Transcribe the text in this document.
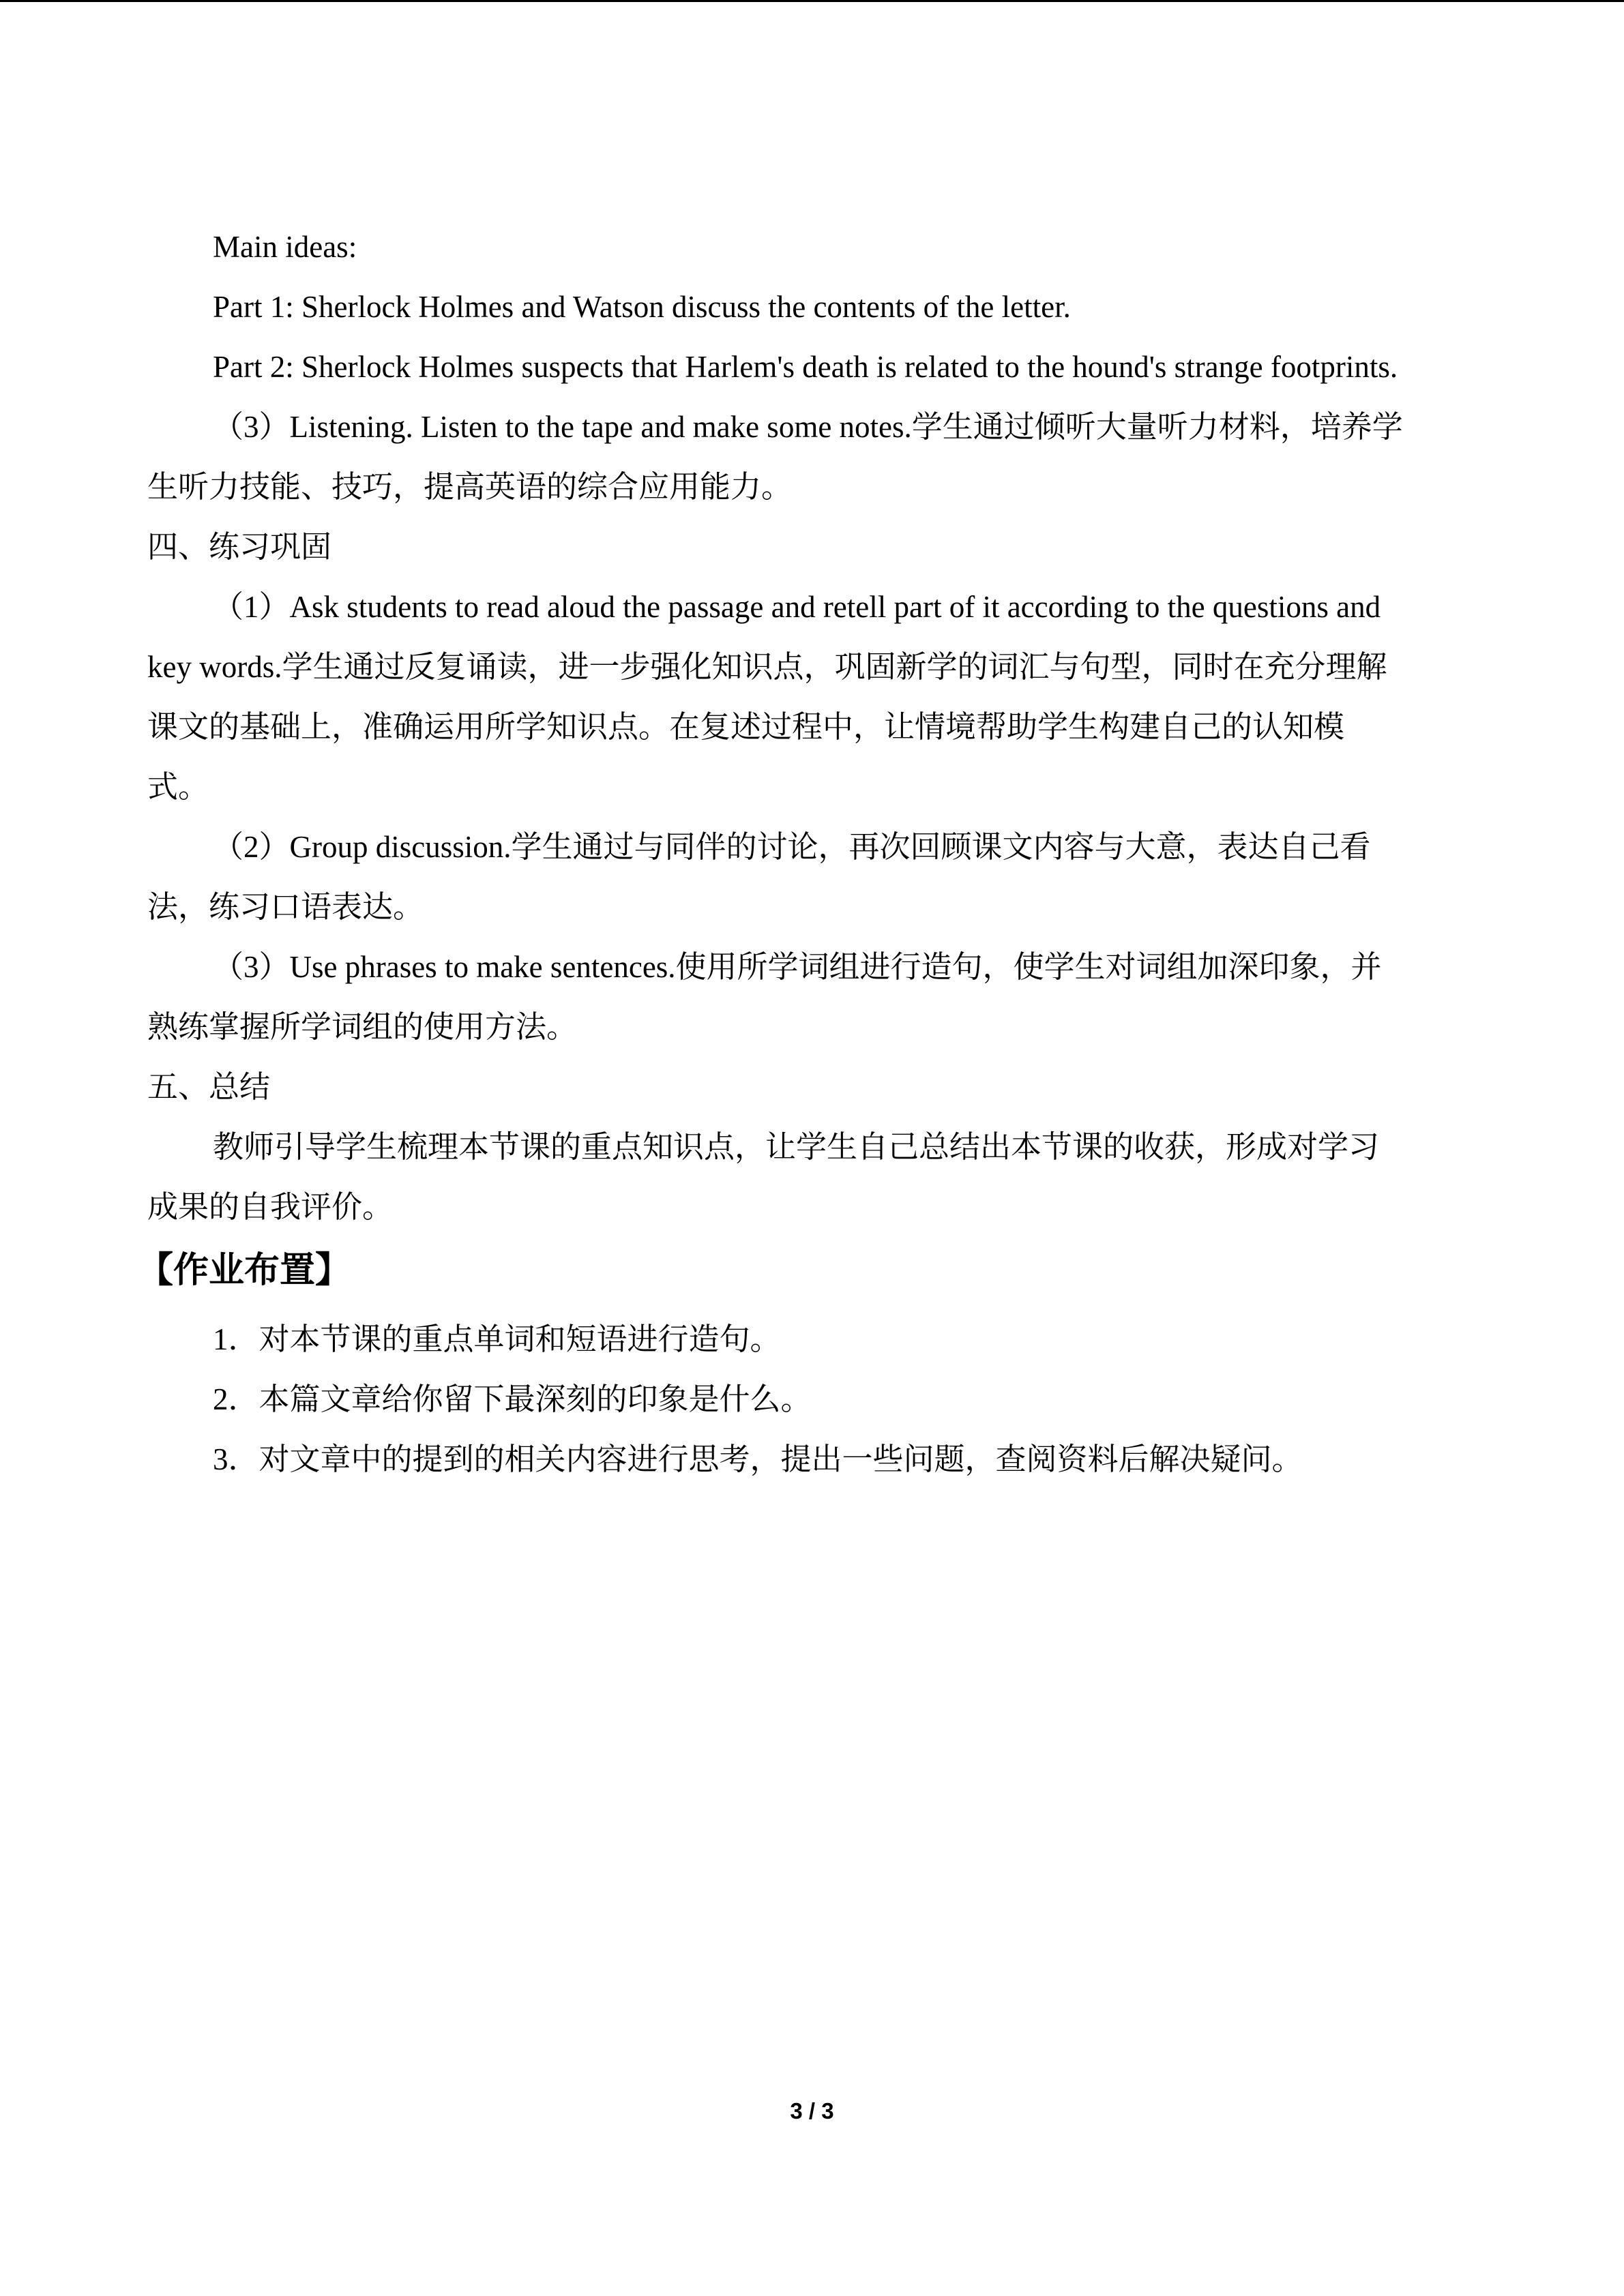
Main ideas:
Part 1: Sherlock Holmes and Watson discuss the contents of the letter.
Part 2: Sherlock Holmes suspects that Harlem's death is related to the hound's strange footprints.
（3）Listening. Listen to the tape and make some notes.学生通过倾听大量听力材料，培养学
生听力技能、技巧，提高英语的综合应用能力。
四、练习巩固
（1）Ask students to read aloud the passage and retell part of it according to the questions and
key words.学生通过反复诵读，进一步强化知识点，巩固新学的词汇与句型，同时在充分理解
课文的基础上，准确运用所学知识点。在复述过程中，让情境帮助学生构建自己的认知模
式。
（2）Group discussion.学生通过与同伴的讨论，再次回顾课文内容与大意，表达自己看
法，练习口语表达。
（3）Use phrases to make sentences.使用所学词组进行造句，使学生对词组加深印象，并
熟练掌握所学词组的使用方法。
五、总结
教师引导学生梳理本节课的重点知识点，让学生自己总结出本节课的收获，形成对学习
成果的自我评价。
【作业布置】
1．对本节课的重点单词和短语进行造句。
2．本篇文章给你留下最深刻的印象是什么。
3．对文章中的提到的相关内容进行思考，提出一些问题，查阅资料后解决疑问。
3 / 3
